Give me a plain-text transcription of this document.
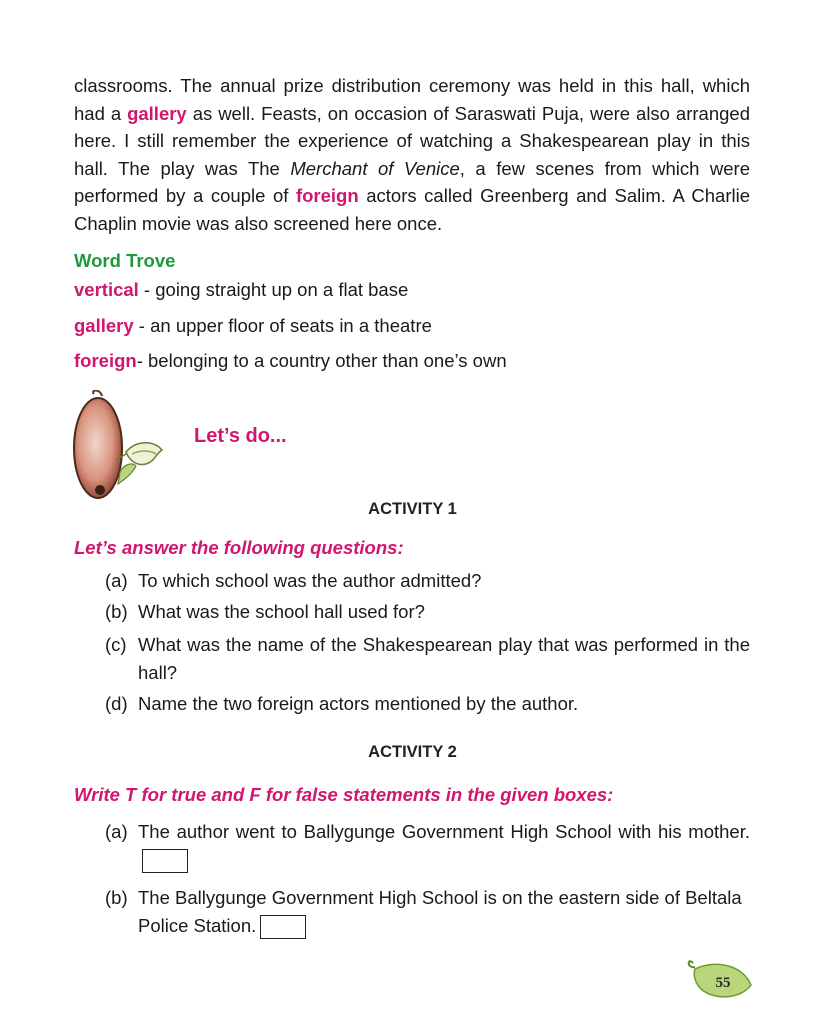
classrooms. The annual prize distribution ceremony was held in this hall, which had a gallery as well. Feasts, on occasion of Saraswati Puja, were also arranged here. I still remember the experience of watching a Shakespearean play in this hall. The play was The Merchant of Venice, a few scenes from which were performed by a couple of foreign actors called Greenberg and Salim. A Charlie Chaplin movie was also screened here once.

Word Trove

vertical - going straight up on a flat base

gallery - an upper floor of seats in a theatre

foreign- belonging to a country other than one’s own

Let’s do...

ACTIVITY 1

Let’s answer the following questions:

(a) To which school was the author admitted?
(b) What was the school hall used for?
(c) What was the name of the Shakespearean play that was performed in the hall?
(d) Name the two foreign actors mentioned by the author.

ACTIVITY 2

Write T for true and F for false statements in the given boxes:

(a) The author went to Ballygunge Government High School with his mother.
(b) The Ballygunge Government High School is on the eastern side of Beltala Police Station.
55
